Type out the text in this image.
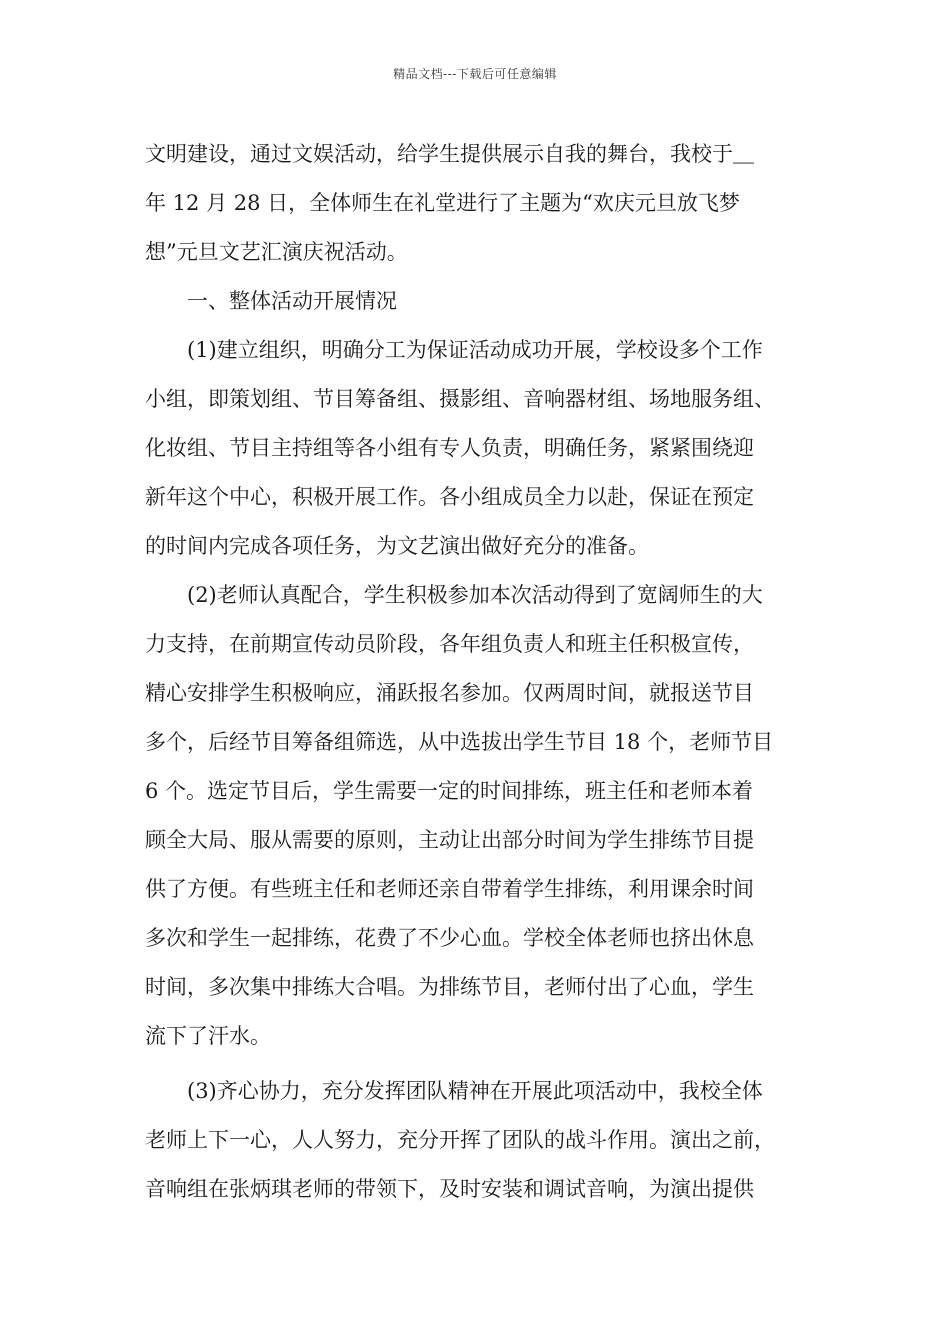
精品文档---下载后可任意编辑
文明建设，通过文娱活动，给学生提供展示自我的舞台，我校于＿
年 12 月 28 日，全体师生在礼堂进行了主题为“欢庆元旦放飞梦
想”元旦文艺汇演庆祝活动。
一、整体活动开展情况
(1)建立组织，明确分工为保证活动成功开展，学校设多个工作
小组，即策划组、节目筹备组、摄影组、音响器材组、场地服务组、
化妆组、节目主持组等各小组有专人负责，明确任务，紧紧围绕迎
新年这个中心，积极开展工作。各小组成员全力以赴，保证在预定
的时间内完成各项任务，为文艺演出做好充分的准备。
(2)老师认真配合，学生积极参加本次活动得到了宽阔师生的大
力支持，在前期宣传动员阶段，各年组负责人和班主任积极宣传，
精心安排学生积极响应，涌跃报名参加。仅两周时间，就报送节目
多个，后经节目筹备组筛选，从中选拔出学生节目 18 个，老师节目
6 个。选定节目后，学生需要一定的时间排练，班主任和老师本着
顾全大局、服从需要的原则，主动让出部分时间为学生排练节目提
供了方便。有些班主任和老师还亲自带着学生排练，利用课余时间
多次和学生一起排练，花费了不少心血。学校全体老师也挤出休息
时间，多次集中排练大合唱。为排练节目，老师付出了心血，学生
流下了汗水。
(3)齐心协力，充分发挥团队精神在开展此项活动中，我校全体
老师上下一心，人人努力，充分开挥了团队的战斗作用。演出之前，
音响组在张炳琪老师的带领下，及时安装和调试音响，为演出提供
